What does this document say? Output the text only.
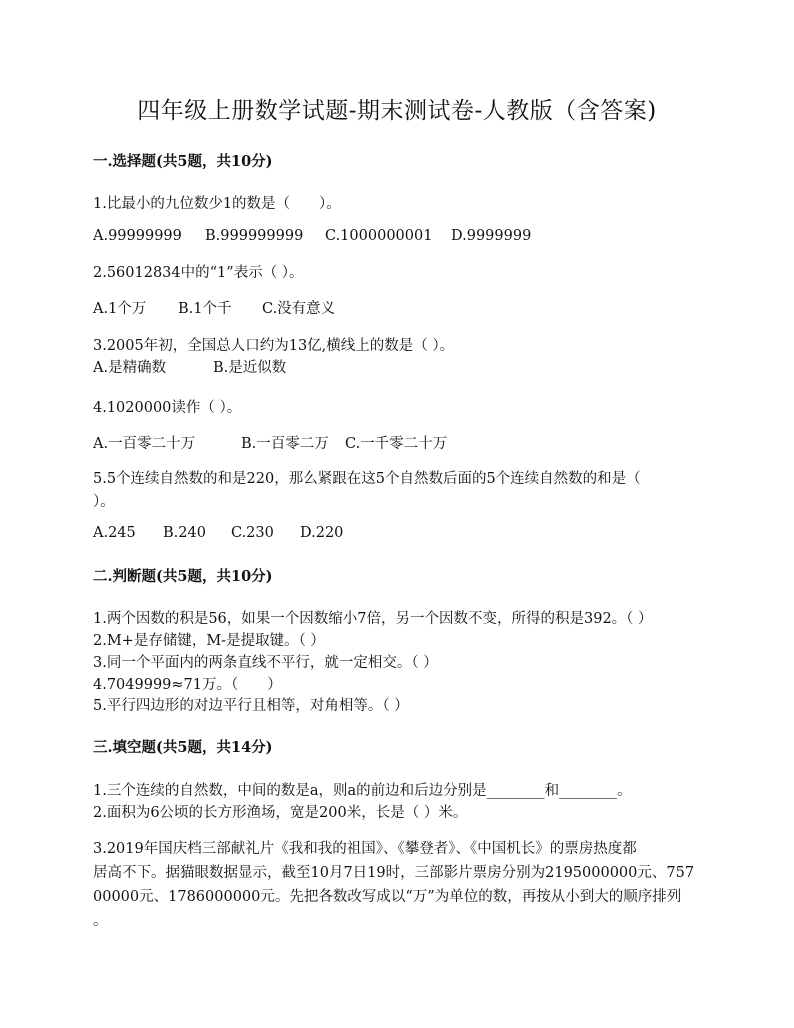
四年级上册数学试题-期末测试卷-人教版（含答案)
一.选择题(共5题，共10分)
1.比最小的九位数少1的数是（　　）。
A.99999999 B.999999999 C.1000000001 D.9999999
2.56012834中的“1”表示（ ）。
A.1个万 B.1个千 C.没有意义
3.2005年初，全国总人口约为13亿,横线上的数是（ ）。
A.是精确数	B.是近似数
4.1020000读作（ ）。
A.一百零二十万	B.一百零二万 C.一千零二十万
5.5个连续自然数的和是220，那么紧跟在这5个自然数后面的5个连续自然数的和是（
）。
A.245 B.240 C.230 D.220
二.判断题(共5题，共10分)
1.两个因数的积是56，如果一个因数缩小7倍，另一个因数不变，所得的积是392。（ ）
2.M+是存储键，M-是提取键。（ ）
3.同一个平面内的两条直线不平行，就一定相交。（ ）
4.7049999≈71万。（　　）
5.平行四边形的对边平行且相等，对角相等。（ ）
三.填空题(共5题，共14分)
1.三个连续的自然数，中间的数是a，则a的前边和后边分别是________和________。
2.面积为6公顷的长方形渔场，宽是200米，长是（ ）米。
3.2019年国庆档三部献礼片《我和我的祖国》、《攀登者》、《中国机长》的票房热度都
居高不下。据猫眼数据显示，截至10月7日19时，三部影片票房分别为2195000000元、757
00000元、1786000000元。先把各数改写成以“万”为单位的数，再按从小到大的顺序排列
。
